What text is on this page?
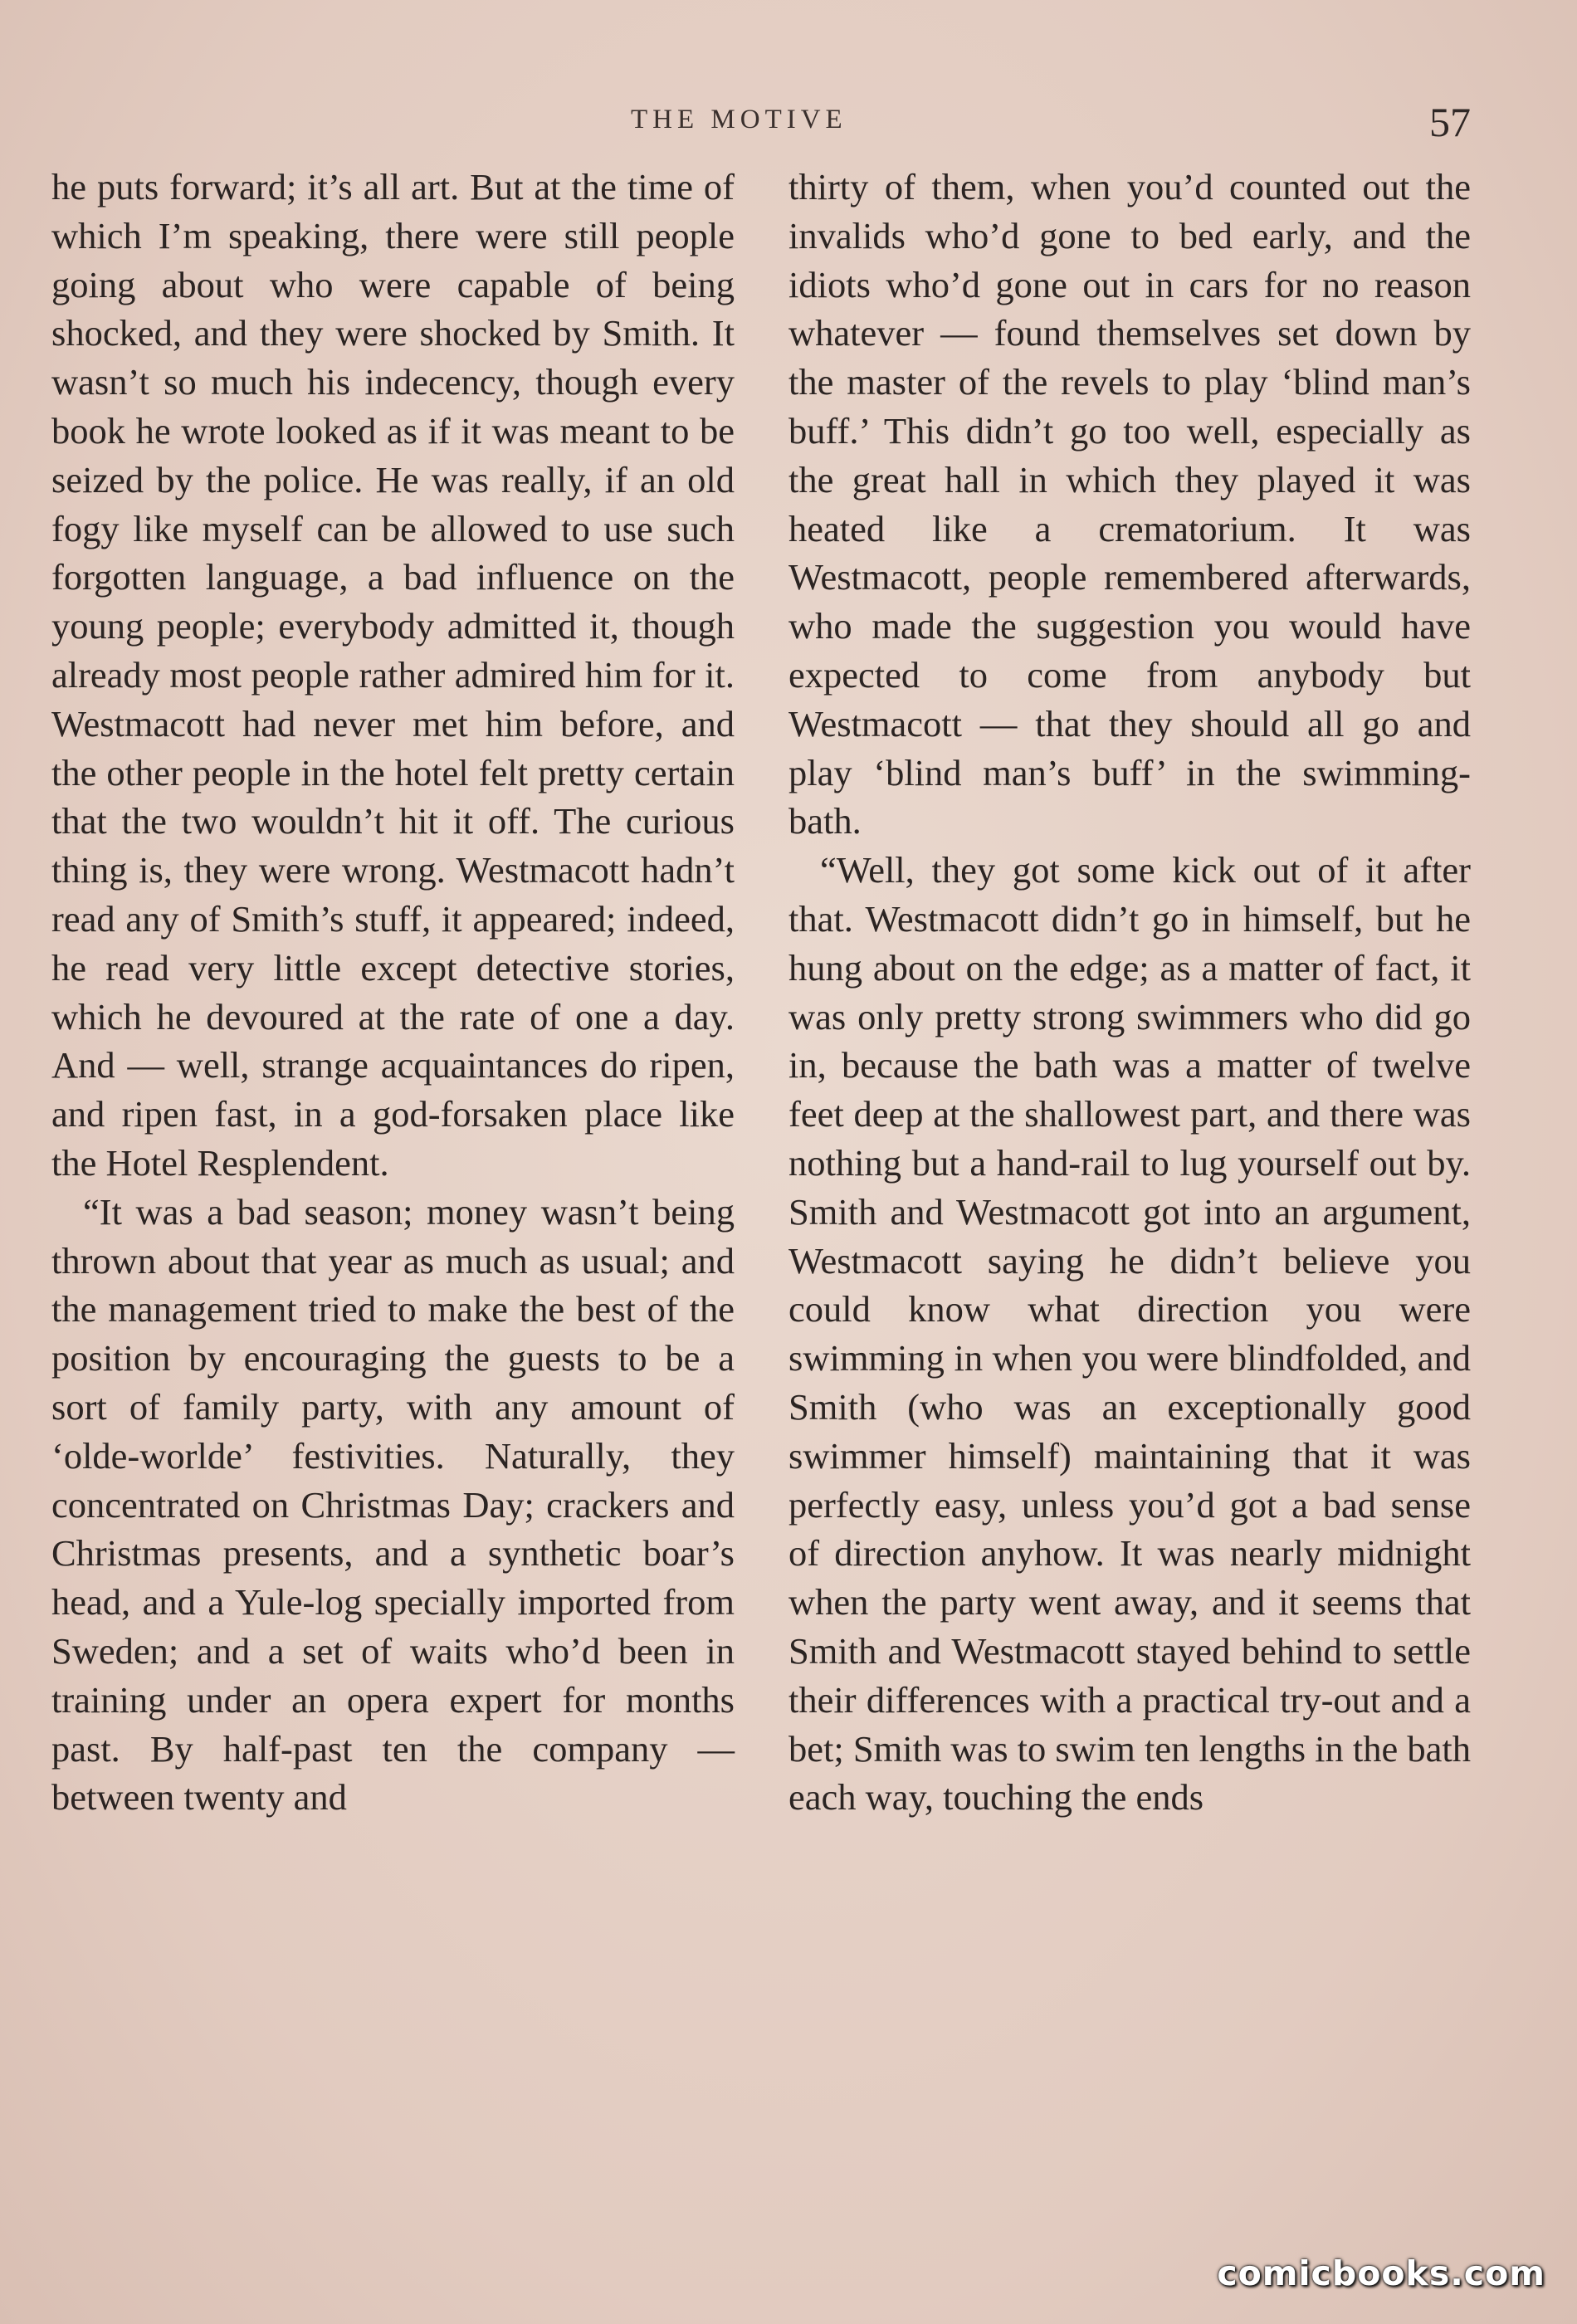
THE MOTIVE	57

he puts forward; it’s all art. But at the time of which I’m speaking, there were still people going about who were capable of being shocked, and they were shocked by Smith. It wasn’t so much his indecency, though every book he wrote looked as if it was meant to be seized by the police. He was really, if an old fogy like myself can be allowed to use such forgotten language, a bad influence on the young people; everybody admitted it, though already most people rather admired him for it. Westmacott had never met him before, and the other people in the hotel felt pretty certain that the two wouldn’t hit it off. The curious thing is, they were wrong. Westmacott hadn’t read any of Smith’s stuff, it appeared; indeed, he read very little except detective stories, which he devoured at the rate of one a day. And — well, strange acquaintances do ripen, and ripen fast, in a god-forsaken place like the Hotel Resplendent.

“It was a bad season; money wasn’t being thrown about that year as much as usual; and the management tried to make the best of the position by encouraging the guests to be a sort of family party, with any amount of ‘olde-worlde’ festivities. Naturally, they concentrated on Christmas Day; crackers and Christmas presents, and a synthetic boar’s head, and a Yule-log specially imported from Sweden; and a set of waits who’d been in training under an opera expert for months past. By half-past ten the company — between twenty and

thirty of them, when you’d counted out the invalids who’d gone to bed early, and the idiots who’d gone out in cars for no reason whatever — found themselves set down by the master of the revels to play ‘blind man’s buff.’ This didn’t go too well, especially as the great hall in which they played it was heated like a crematorium. It was Westmacott, people remembered afterwards, who made the suggestion you would have expected to come from anybody but Westmacott — that they should all go and play ‘blind man’s buff’ in the swimming-bath.

“Well, they got some kick out of it after that. Westmacott didn’t go in himself, but he hung about on the edge; as a matter of fact, it was only pretty strong swimmers who did go in, because the bath was a matter of twelve feet deep at the shallowest part, and there was nothing but a hand-rail to lug yourself out by. Smith and Westmacott got into an argument, Westmacott saying he didn’t believe you could know what direction you were swimming in when you were blindfolded, and Smith (who was an exceptionally good swimmer himself) maintaining that it was perfectly easy, unless you’d got a bad sense of direction anyhow. It was nearly midnight when the party went away, and it seems that Smith and Westmacott stayed behind to settle their differences with a practical try-out and a bet; Smith was to swim ten lengths in the bath each way, touching the ends

comicbooks.com
